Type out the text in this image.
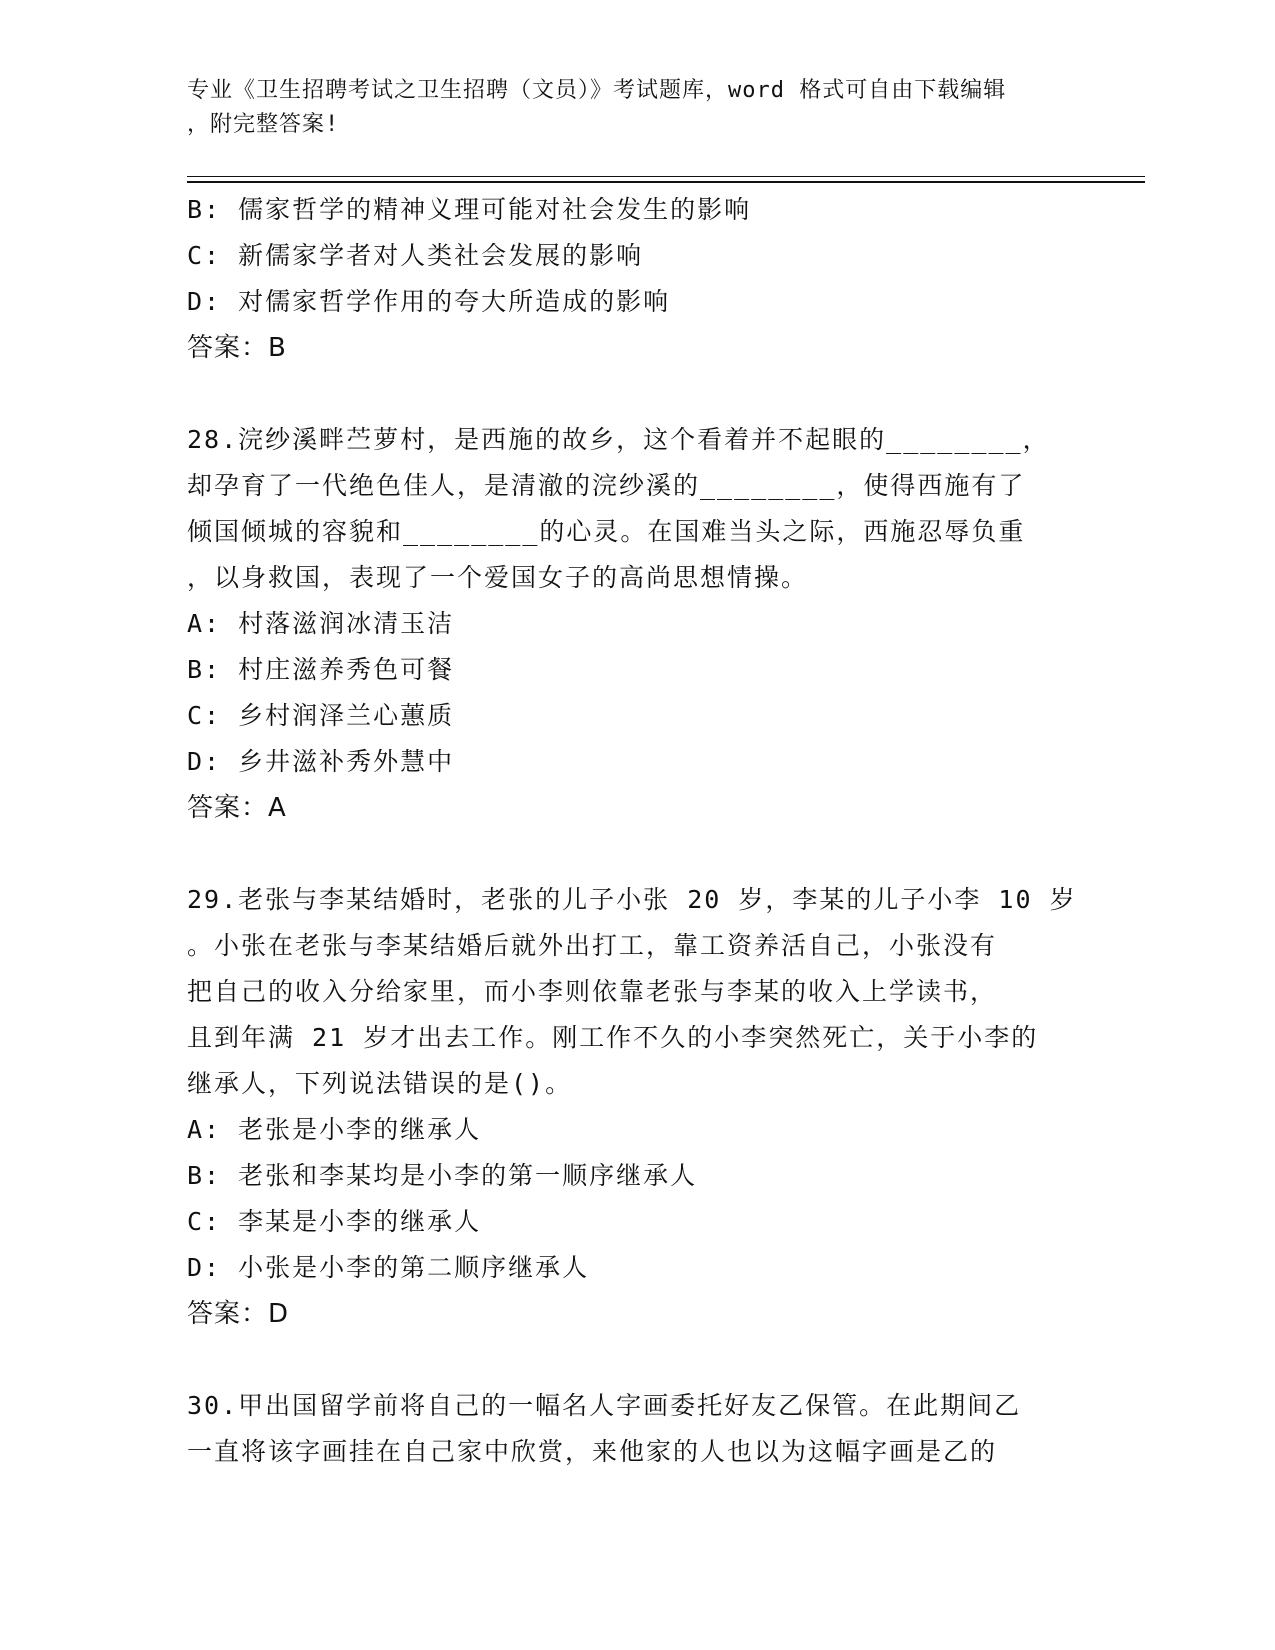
专业《卫生招聘考试之卫生招聘（文员）》考试题库，word 格式可自由下载编辑
，附完整答案!
B: 儒家哲学的精神义理可能对社会发生的影响
C: 新儒家学者对人类社会发展的影响
D: 对儒家哲学作用的夸大所造成的影响
答案：B
28.浣纱溪畔苎萝村，是西施的故乡，这个看着并不起眼的________，
却孕育了一代绝色佳人，是清澈的浣纱溪的________，使得西施有了
倾国倾城的容貌和________的心灵。在国难当头之际，西施忍辱负重
，以身救国，表现了一个爱国女子的高尚思想情操。
A: 村落滋润冰清玉洁
B: 村庄滋养秀色可餐
C: 乡村润泽兰心蕙质
D: 乡井滋补秀外慧中
答案：A
29.老张与李某结婚时，老张的儿子小张 20 岁，李某的儿子小李 10 岁
。小张在老张与李某结婚后就外出打工，靠工资养活自己，小张没有
把自己的收入分给家里，而小李则依靠老张与李某的收入上学读书，
且到年满 21 岁才出去工作。刚工作不久的小李突然死亡，关于小李的
继承人，下列说法错误的是()。
A: 老张是小李的继承人
B: 老张和李某均是小李的第一顺序继承人
C: 李某是小李的继承人
D: 小张是小李的第二顺序继承人
答案：D
30.甲出国留学前将自己的一幅名人字画委托好友乙保管。在此期间乙
一直将该字画挂在自己家中欣赏，来他家的人也以为这幅字画是乙的
